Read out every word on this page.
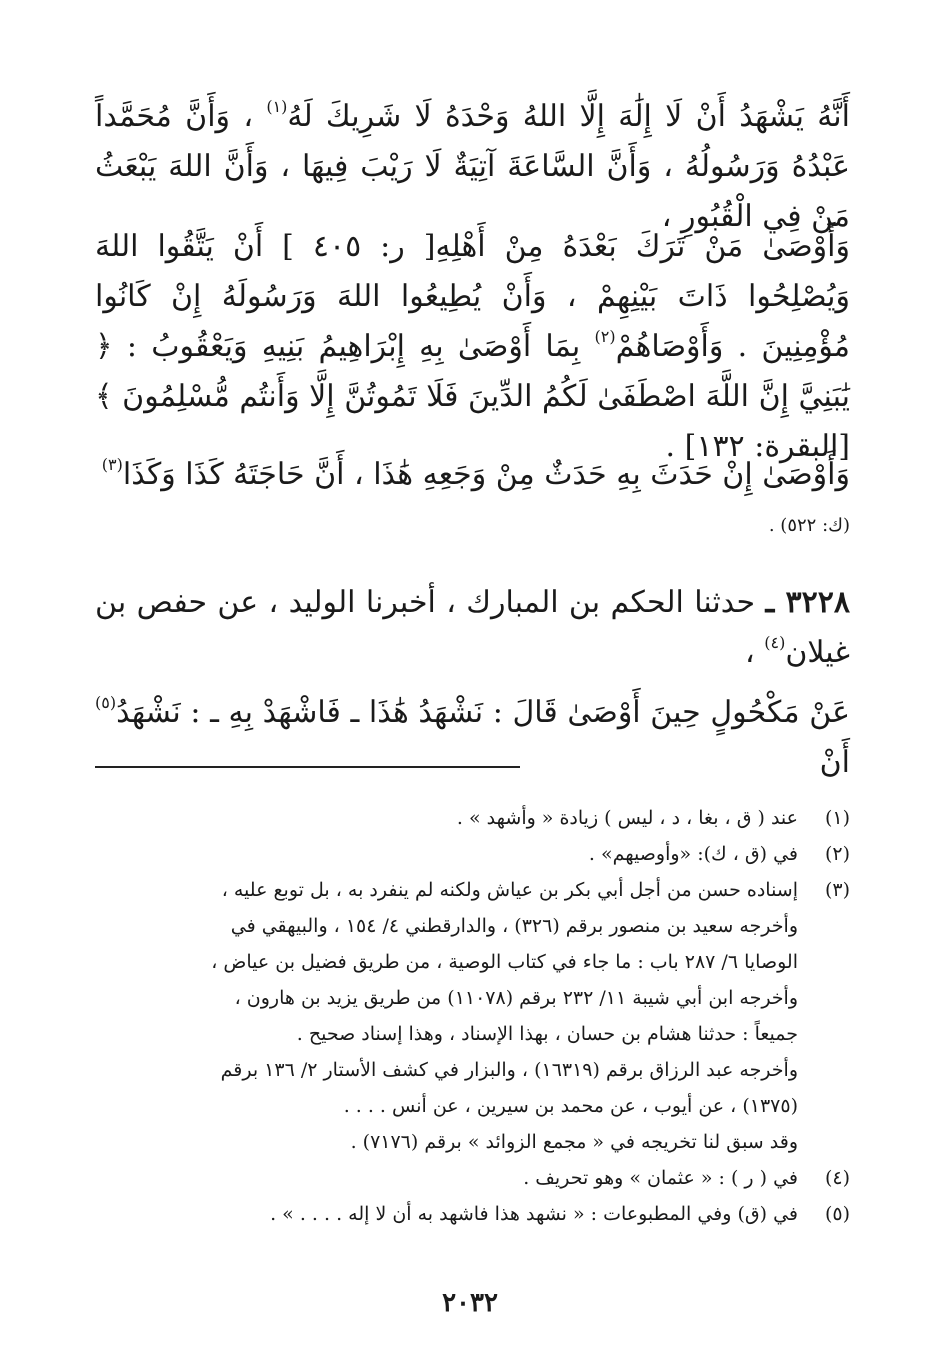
أَنَّهُ يَشْهَدُ أَنْ لَا إِلَٰهَ إِلَّا اللهُ وَحْدَهُ لَا شَرِيكَ لَهُ$^{(١)}$ ، وَأَنَّ مُحَمَّداً عَبْدُهُ وَرَسُولُهُ ، وَأَنَّ السَّاعَةَ آتِيَةٌ لَا رَيْبَ فِيهَا ، وَأَنَّ اللهَ يَبْعَثُ مَنْ فِي الْقُبُورِ ،

وَأَوْصَىٰ مَنْ تَرَكَ بَعْدَهُ مِنْ أَهْلِهِ[ ر: ٤٠٥ ] أَنْ يَتَّقُوا اللهَ وَيُصْلِحُوا ذَاتَ بَيْنِهِمْ ، وَأَنْ يُطِيعُوا اللهَ وَرَسُولَهُ إِنْ كَانُوا مُؤْمِنِينَ . وَأَوْصَاهُمْ$^{(٢)}$ بِمَا أَوْصَىٰ بِهِ إِبْرَاهِيمُ بَنِيهِ وَيَعْقُوبُ : ﴿ يَٰبَنِيَّ إِنَّ اللَّهَ اصْطَفَىٰ لَكُمُ الدِّينَ فَلَا تَمُوتُنَّ إِلَّا وَأَنتُم مُّسْلِمُونَ ﴾ [البقرة: ١٣٢] .

وَأَوْصَىٰ إِنْ حَدَثَ بِهِ حَدَثٌ مِنْ وَجَعِهِ هَٰذَا ، أَنَّ حَاجَتَهُ كَذَا وَكَذَا$^{(٣)}$

(ك: ٥٢٢) .

٣٢٢٨ ـ حدثنا الحكم بن المبارك ، أخبرنا الوليد ، عن حفص بن غيلان$^{(٤)}$ ،

عَنْ مَكْحُولٍ حِينَ أَوْصَىٰ قَالَ : نَشْهَدُ هَٰذَا ـ فَاشْهَدْ بِهِ ـ : نَشْهَدُ$^{(٥)}$ أَنْ

(١)
عند ( ق ، بغا ، د ، ليس ) زيادة « وأشهد » .
(٢)
في (ق ، ك): «وأوصيهم» .
(٣)
إسناده حسن من أجل أبي بكر بن عياش ولكنه لم ينفرد به ، بل توبع عليه ،
وأخرجه سعيد بن منصور برقم (٣٢٦) ، والدارقطني ٤/ ١٥٤ ، والبيهقي في
الوصايا ٦/ ٢٨٧ باب : ما جاء في كتاب الوصية ، من طريق فضيل بن عياض ،
وأخرجه ابن أبي شيبة ١١/ ٢٣٢ برقم (١١٠٧٨) من طريق يزيد بن هارون ،
جميعاً : حدثنا هشام بن حسان ، بهذا الإسناد ، وهذا إسناد صحيح .
وأخرجه عبد الرزاق برقم (١٦٣١٩) ، والبزار في كشف الأستار ٢/ ١٣٦ برقم
(١٣٧٥) ، عن أيوب ، عن محمد بن سيرين ، عن أنس . . . .
وقد سبق لنا تخريجه في « مجمع الزوائد » برقم (٧١٧٦) .
(٤)
في ( ر ) : « عثمان » وهو تحريف .
(٥)
في (ق) وفي المطبوعات : « نشهد هذا فاشهد به أن لا إله . . . . » .
٢٠٣٢
